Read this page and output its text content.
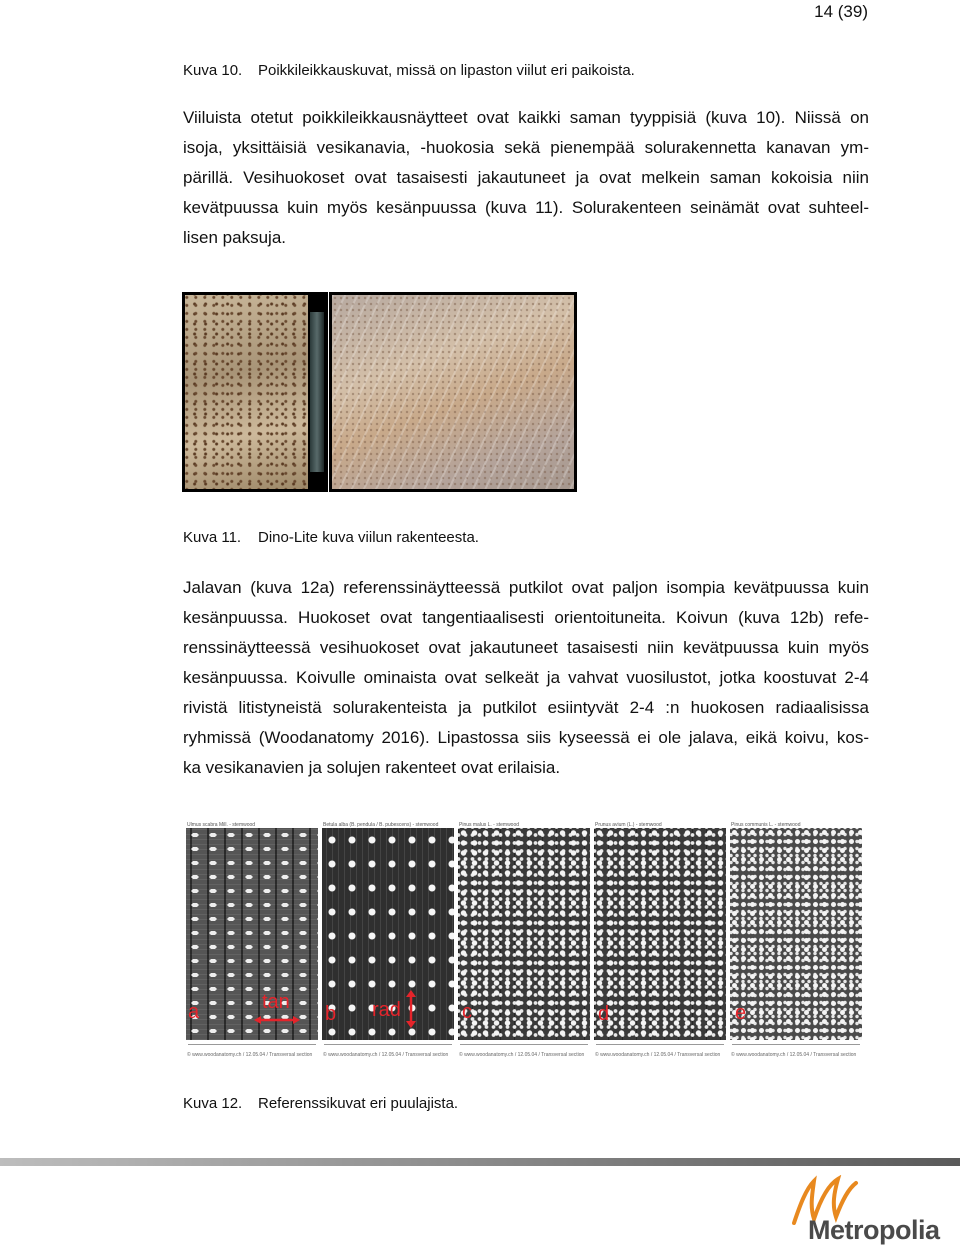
14 (39)
Kuva 10. Poikkileikkauskuvat, missä on lipaston viilut eri paikoista.
Viiluista otetut poikkileikkausnäytteet ovat kaikki saman tyyppisiä (kuva 10). Niissä on
isoja, yksittäisiä vesikanavia, -huokosia sekä pienempää solurakennetta kanavan ym-
pärillä. Vesihuokoset ovat tasaisesti jakautuneet ja ovat melkein saman kokoisia niin
kevätpuussa kuin myös kesänpuussa (kuva 11). Solurakenteen seinämät ovat suhteel-
lisen paksuja.
Kuva 11. Dino-Lite kuva viilun rakenteesta.
Jalavan (kuva 12a) referenssinäytteessä putkilot ovat paljon isompia kevätpuussa kuin
kesänpuussa. Huokoset ovat tangentiaalisesti orientoituneita. Koivun (kuva 12b) refe-
renssinäytteessä vesihuokoset ovat jakautuneet tasaisesti niin kevätpuussa kuin myös
kesänpuussa. Koivulle ominaista ovat selkeät ja vahvat vuosilustot, jotka koostuvat 2-4
rivistä litistyneistä solurakenteista ja putkilot esiintyvät 2-4 :n huokosen radiaalisissa
ryhmissä (Woodanatomy 2016). Lipastossa siis kyseessä ei ole jalava, eikä koivu, kos-
ka vesikanavien ja solujen rakenteet ovat erilaisia.
Ulmus scabra Mill. - stemwood
© www.woodanatomy.ch / 12.05.04 / Transversal section
Betula alba (B. pendula / B. pubescens) - stemwood
© www.woodanatomy.ch / 12.05.04 / Transversal section
Pinus malus L. - stemwood
© www.woodanatomy.ch / 12.05.04 / Transversal section
Prunus avium (L.) - stemwood
© www.woodanatomy.ch / 12.05.04 / Transversal section
Pinus communis L. - stemwood
© www.woodanatomy.ch / 12.05.04 / Transversal section
a	tan
b rad	c	d	e
Kuva 12. Referenssikuvat eri puulajista.
Metropolia
